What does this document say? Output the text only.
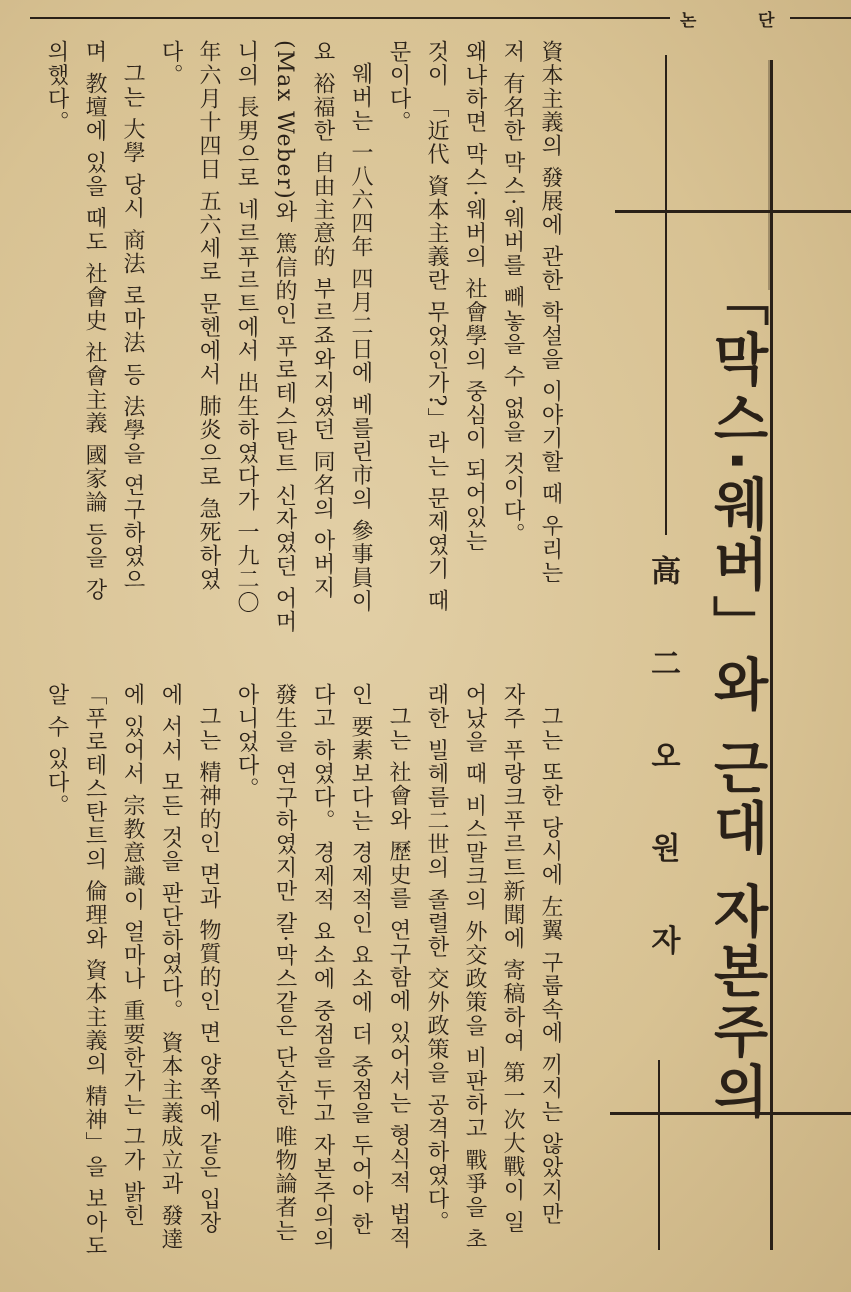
논	단
「막스·웨버」와 근대 자본주의
高 二 오 원 자
資本主義의 發展에 관한 학설을 이야기할 때 우리는
저 有名한 막스·웨버를 빼놓을 수 없을 것이다。
왜냐하면 막스·웨버의 社會學의 중심이 되어있는
것이 「近代 資本主義란 무었인가?」라는 문제였기 때
문이다。
웨버는 一八六四年 四月二日에 베를린市의 參事員이
요 裕福한 自由主意的 부르죠와지였던 同名의 아버지
(Max Weber)와 篤信的인 푸로테스탄트 신자였던 어머
니의 長男으로 네르푸르트에서 出生하였다가 一九二〇
年六月十四日 五六세로 문헨에서 肺炎으로 急死하였
다。
그는 大學 당시 商法 로마法 등 法學을 연구하였으
며 教壇에 있을 때도 社會史 社會主義 國家論 등을 강
의했다。
그는 또한 당시에 左翼 구룹속에 끼지는 않았지만
자주 푸랑크푸르트新聞에 寄稿하여 第一次大戰이 일
어났을 때 비스말크의 外交政策을 비판하고 戰爭을 초
래한 빌헤름二世의 졸렬한 交外政策을 공격하였다。
그는 社會와 歷史를 연구함에 있어서는 형식적 법적
인 要素보다는 경제적인 요소에 더 중점을 두어야 한
다고 하였다。 경제적 요소에 중점을 두고 자본주의의
發生을 연구하였지만 칼·막스같은 단순한 唯物論者는
아니었다。
그는 精神的인 면과 物質的인 면 양쪽에 같은 입장
에 서서 모든 것을 판단하였다。 資本主義成立과 發達
에 있어서 宗教意識이 얼마나 重要한가는 그가 밝힌
「푸로테스탄트의 倫理와 資本主義의 精神」을 보아도
알 수 있다。
